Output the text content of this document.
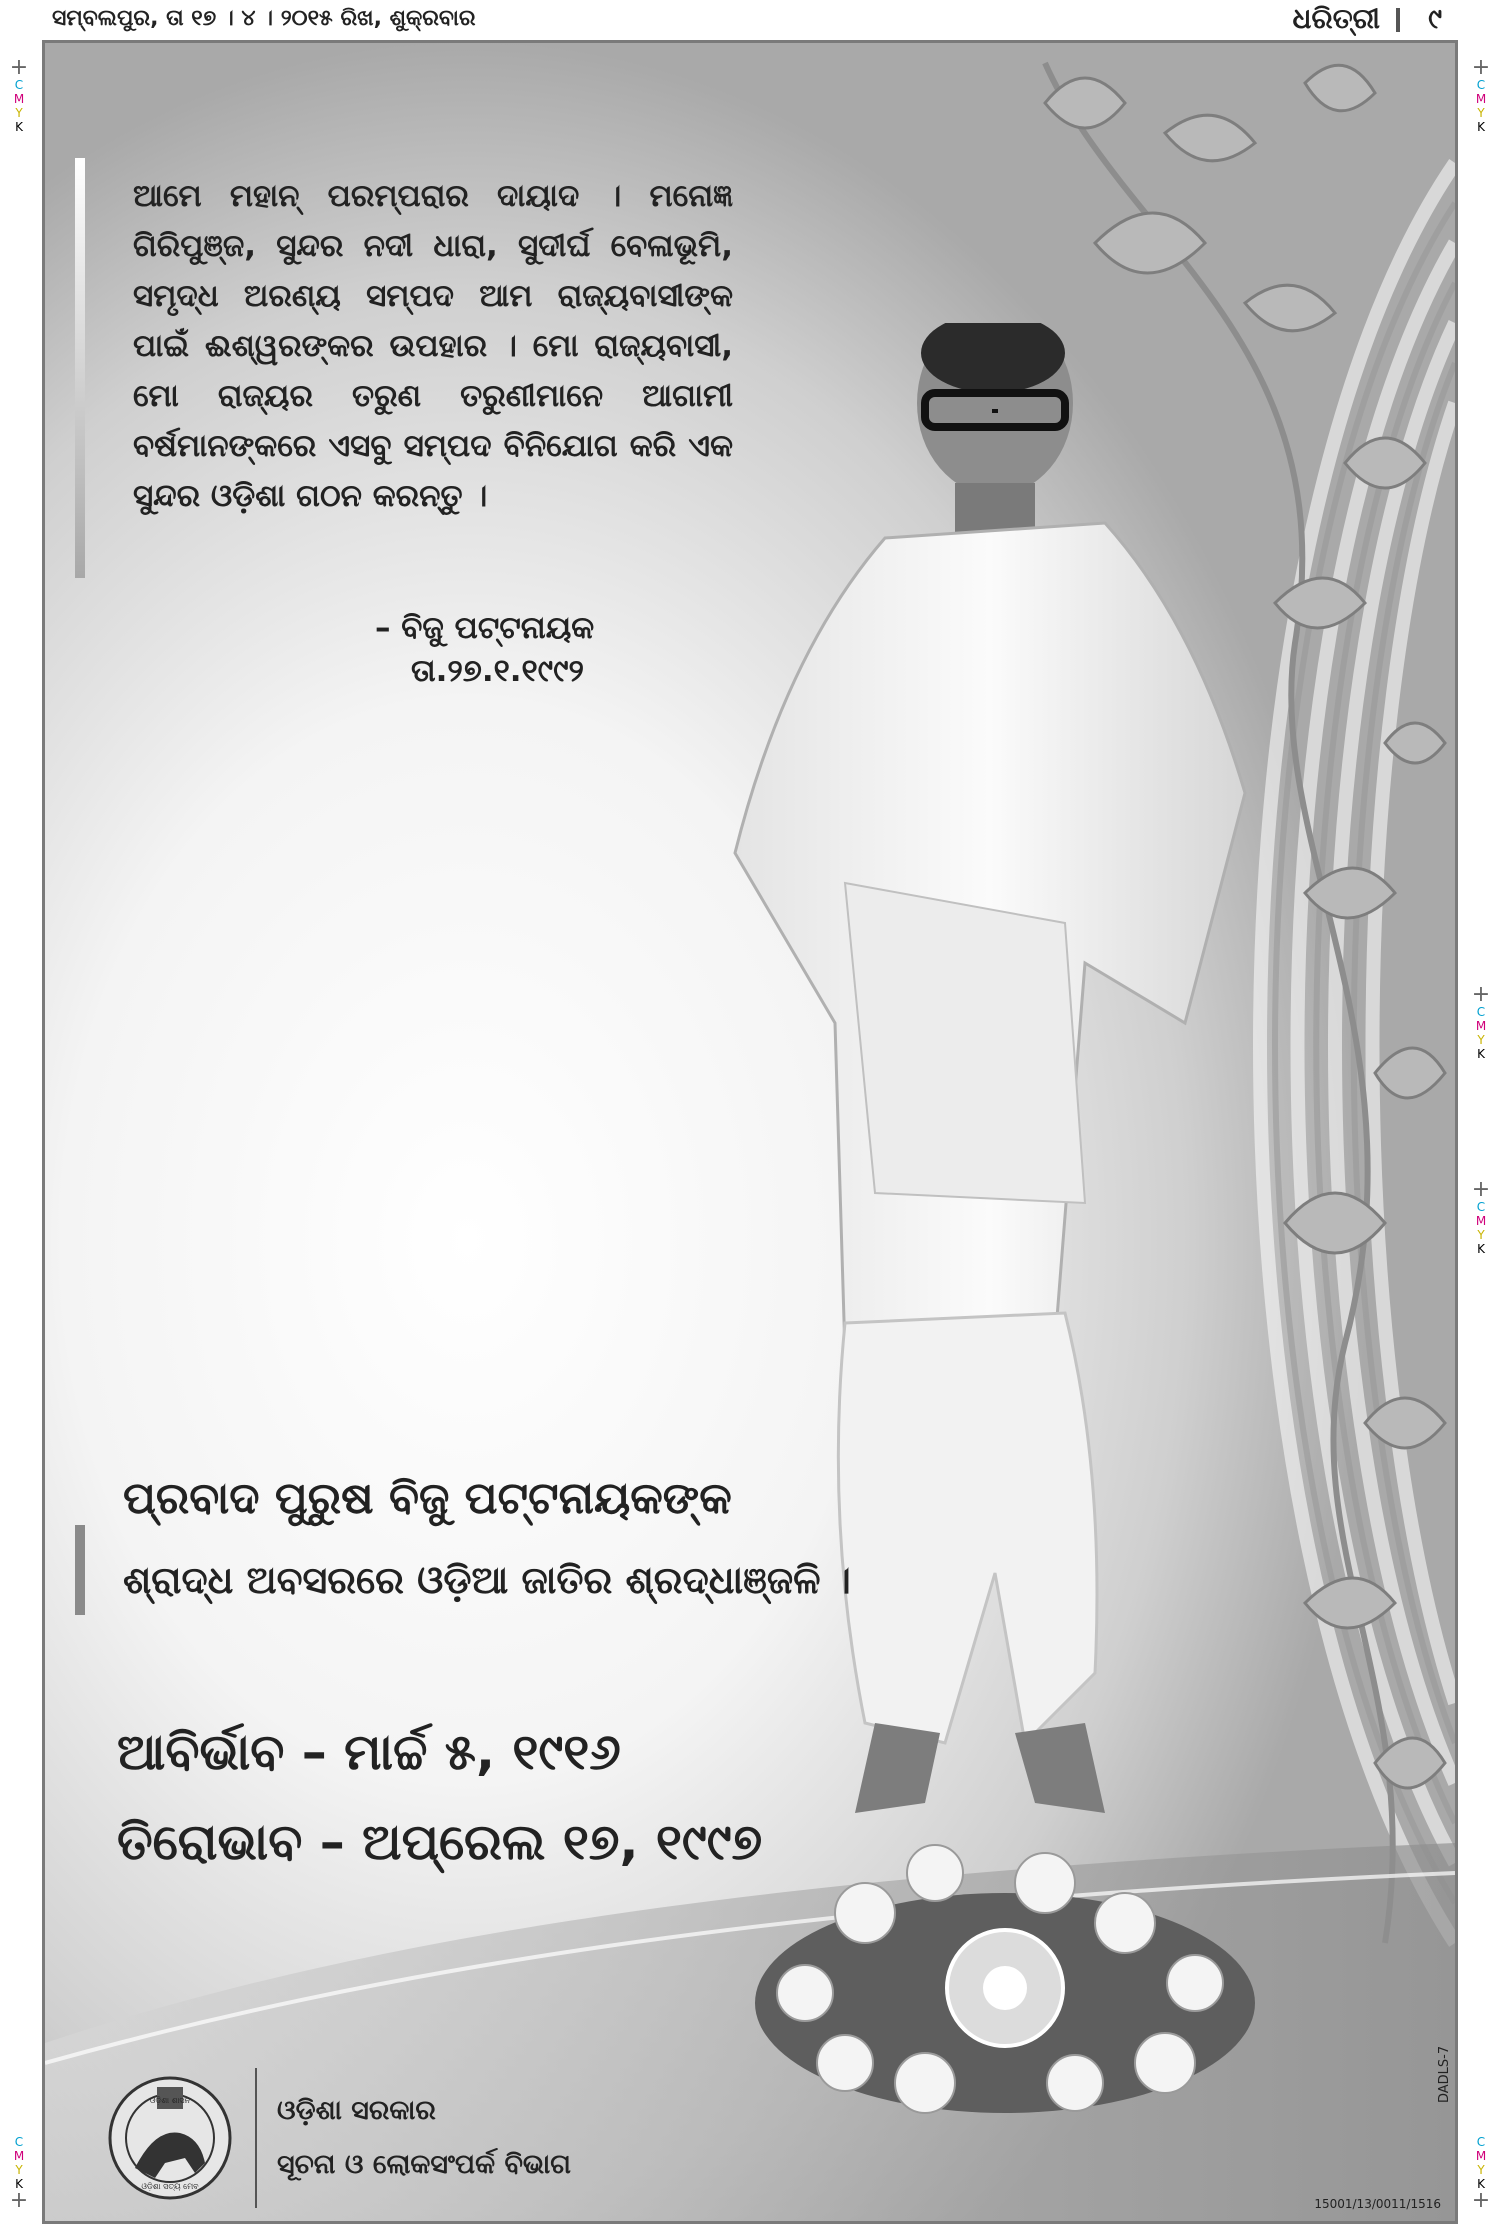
ସମ୍ବଲପୁର, ତା ୧୭ । ୪ । ୨୦୧୫ ରିଖ, ଶୁକ୍ରବାର	ଧରିତ୍ରୀ ୯
+
C
M
Y
K
C
M
Y
K
+
+
C
M
Y
K
+
C
M
Y
K
+
C
M
Y
K
C
M
Y
K
+
ଆମେ ମହାନ୍ ପରମ୍ପରାର ଦାୟାଦ । ମନୋଜ୍ଞ ଗିରିପୁଞ୍ଜ, ସୁନ୍ଦର ନଦୀ ଧାରା, ସୁଦୀର୍ଘ ବେଳାଭୂମି, ସମୃଦ୍ଧ ଅରଣ୍ୟ ସମ୍ପଦ ଆମ ରାଜ୍ୟବାସୀଙ୍କ ପାଇଁ ଈଶ୍ୱରଙ୍କର ଉପହାର । ମୋ ରାଜ୍ୟବାସୀ, ମୋ ରାଜ୍ୟର ତରୁଣ ତରୁଣୀମାନେ ଆଗାମୀ ବର୍ଷମାନଙ୍କରେ ଏସବୁ ସମ୍ପଦ ବିନିଯୋଗ କରି ଏକ ସୁନ୍ଦର ଓଡ଼ିଶା ଗଠନ କରନ୍ତୁ ।
– ବିଜୁ ପଟ୍ଟନାୟକ
ତା.୨୭.୧.୧୯୯୨
ପ୍ରବାଦ ପୁରୁଷ ବିଜୁ ପଟ୍ଟନାୟକଙ୍କ
ଶ୍ରାଦ୍ଧ ଅବସରରେ ଓଡ଼ିଆ ଜାତିର ଶ୍ରଦ୍ଧାଞ୍ଜଳି ।
ଆବିର୍ଭାବ – ମାର୍ଚ୍ଚ ୫, ୧୯୧୬
ତିରୋଭାବ – ଅପ୍ରେଲ ୧୭, ୧୯୯୭
ଓଡ଼ିଶା ଶାସନ
ଓଡ଼ିଶା ସତ୍ୟ ମେବ
ଓଡ଼ିଶା ସରକାର
ସୂଚନା ଓ ଲୋକସଂପର୍କ ବିଭାଗ
DADLS-7
15001/13/0011/1516
